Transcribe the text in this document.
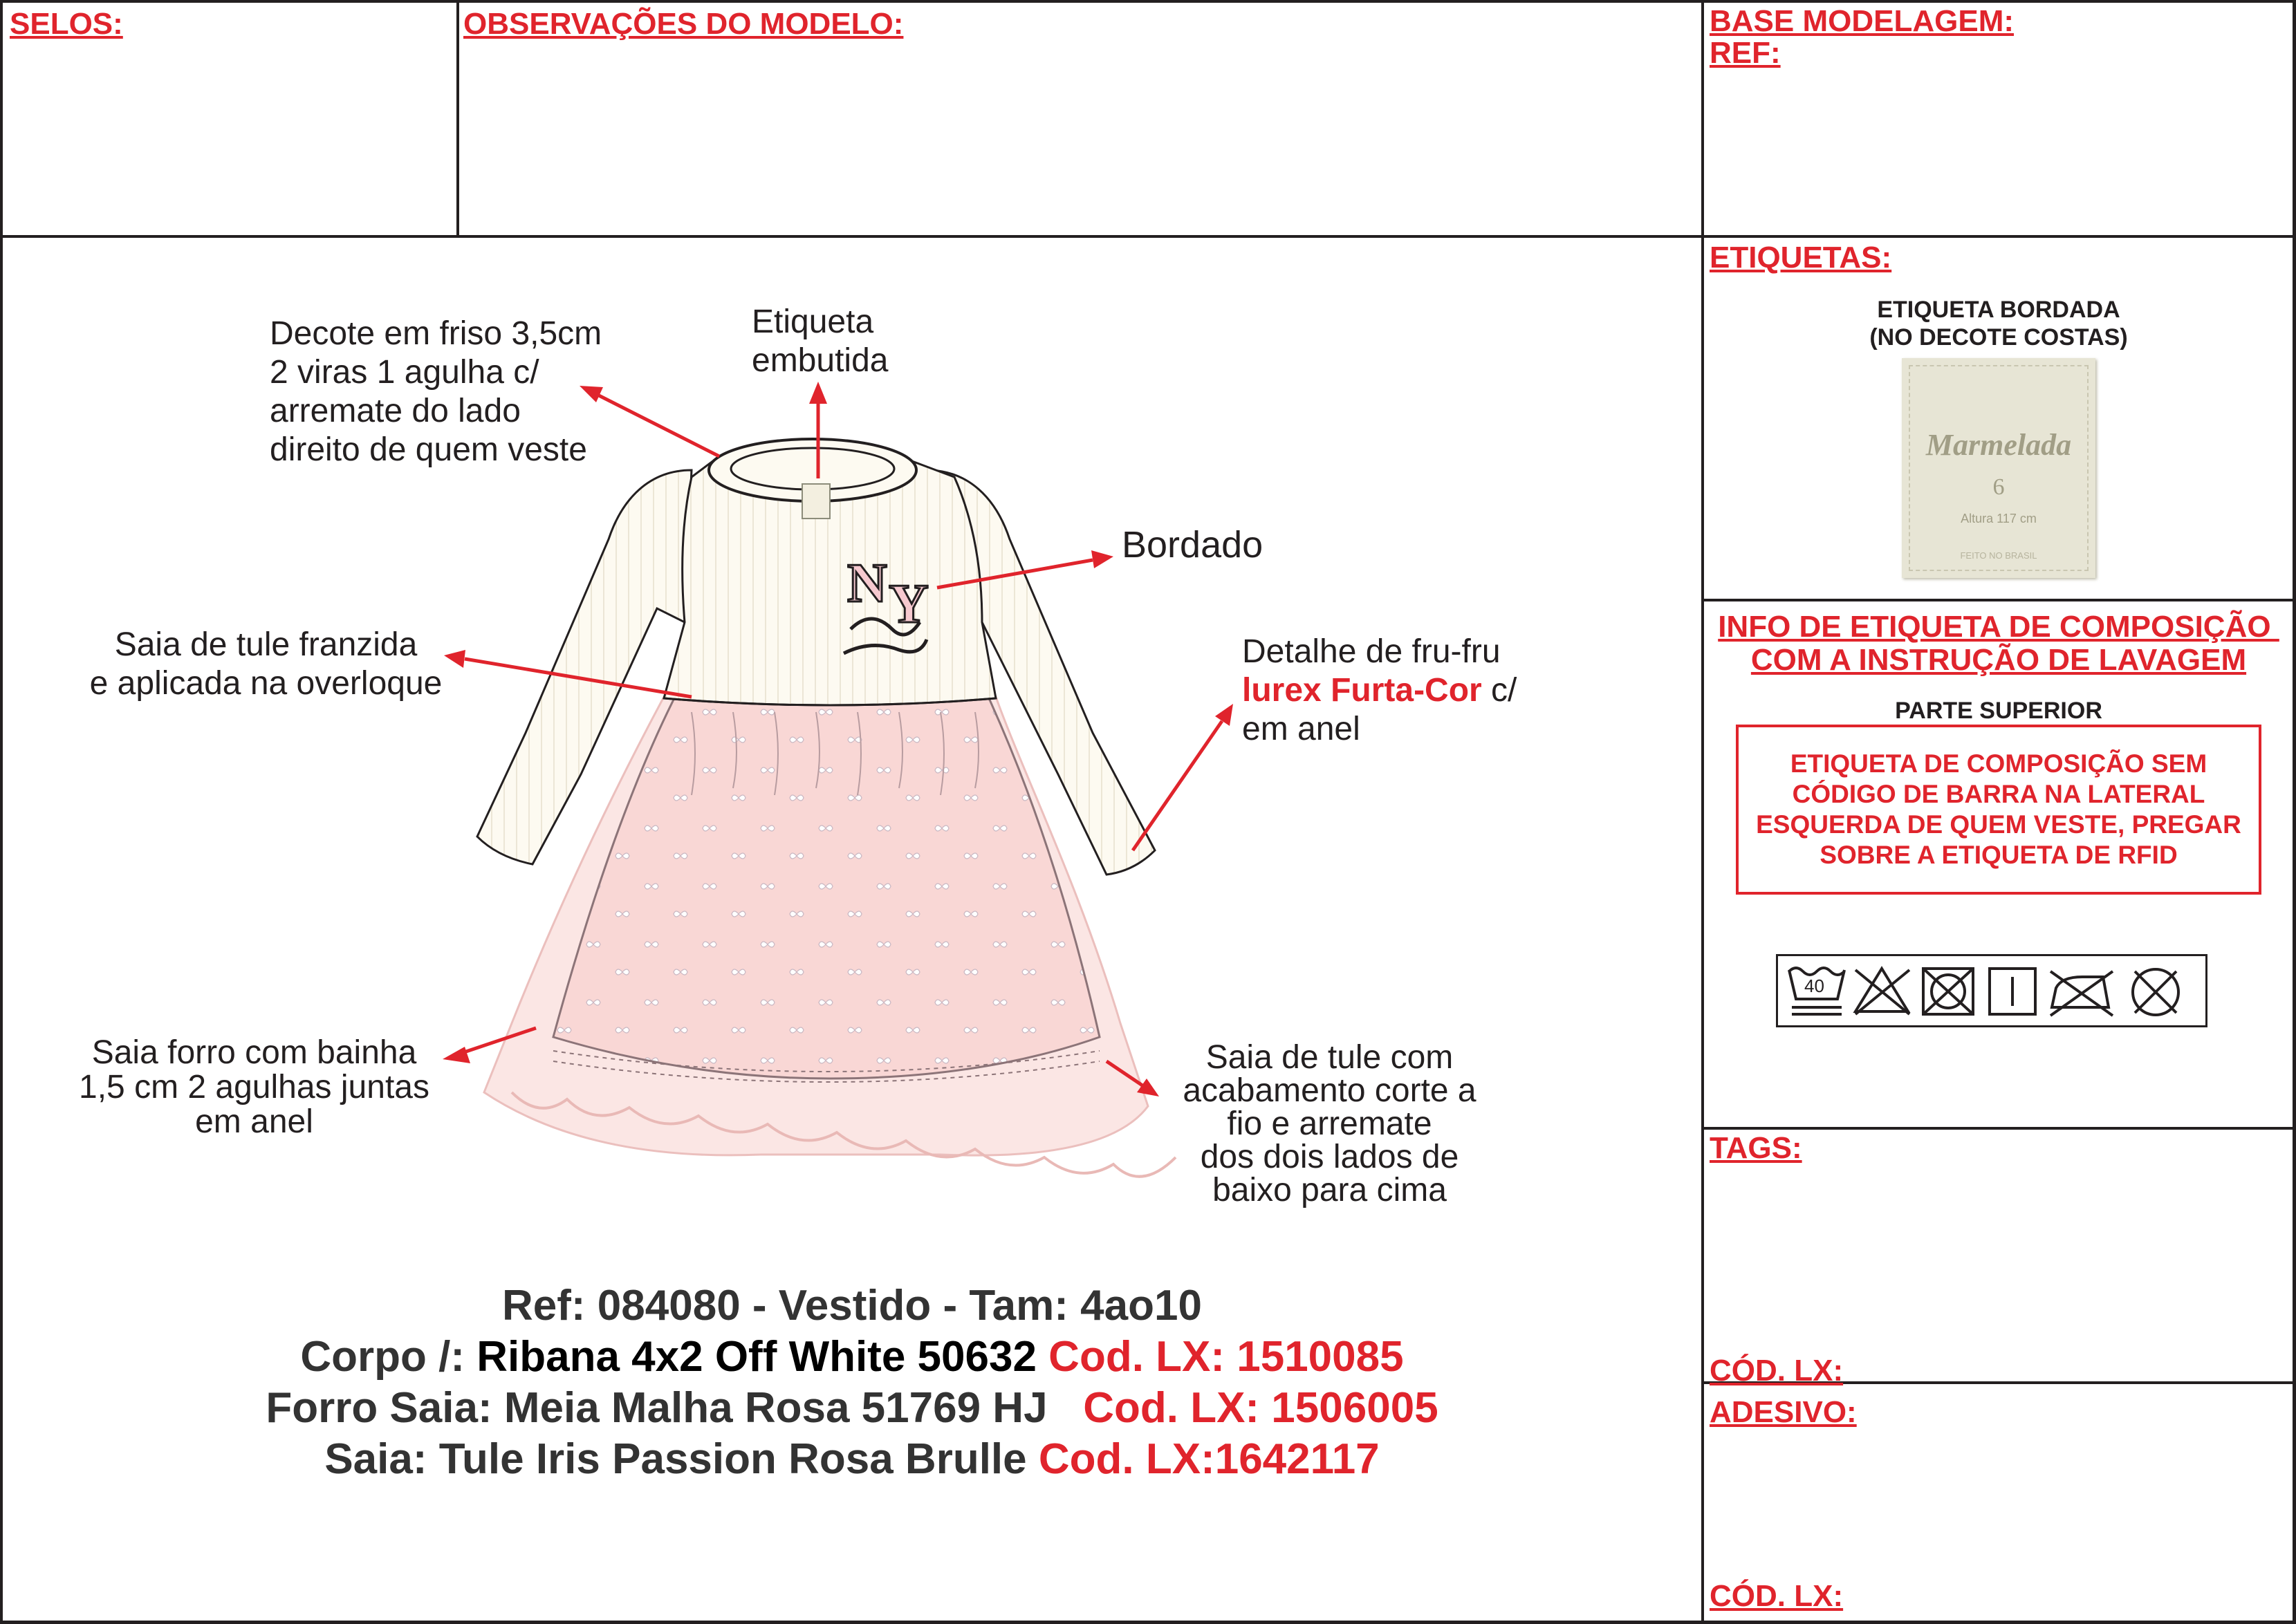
SELOS:	OBSERVAÇÕES DO MODELO:	BASE MODELAGEM:
REF:
N Y
Decote em friso 3,5cm
2 viras 1 agulha c/
arremate do lado
direito de quem veste
Etiqueta
embutida
Bordado
Saia de tule franzida
e aplicada na overloque
Detalhe de fru-fru
lurex Furta-Cor c/
em anel
Saia forro com bainha
1,5 cm 2 agulhas juntas
em anel
Saia de tule com
acabamento corte a
fio e arremate
dos dois lados de
baixo para cima
Ref: 084080 - Vestido - Tam: 4ao10
Corpo /: Ribana 4x2 Off White 50632 Cod. LX: 1510085
Forro Saia: Meia Malha Rosa 51769 HJ   Cod. LX: 1506005
Saia: Tule Iris Passion Rosa Brulle Cod. LX:1642117
ETIQUETAS:
ETIQUETA BORDADA
(NO DECOTE COSTAS)
Marmelada
6
Altura 117 cm
FEITO NO BRASIL
INFO DE ETIQUETA DE COMPOSIÇÃO
COM A INSTRUÇÃO DE LAVAGEM
PARTE SUPERIOR
ETIQUETA DE COMPOSIÇÃO SEM
CÓDIGO DE BARRA NA LATERAL
ESQUERDA DE QUEM VESTE, PREGAR
SOBRE A ETIQUETA DE RFID
40
TAGS:
CÓD. LX:
ADESIVO:
CÓD. LX:
